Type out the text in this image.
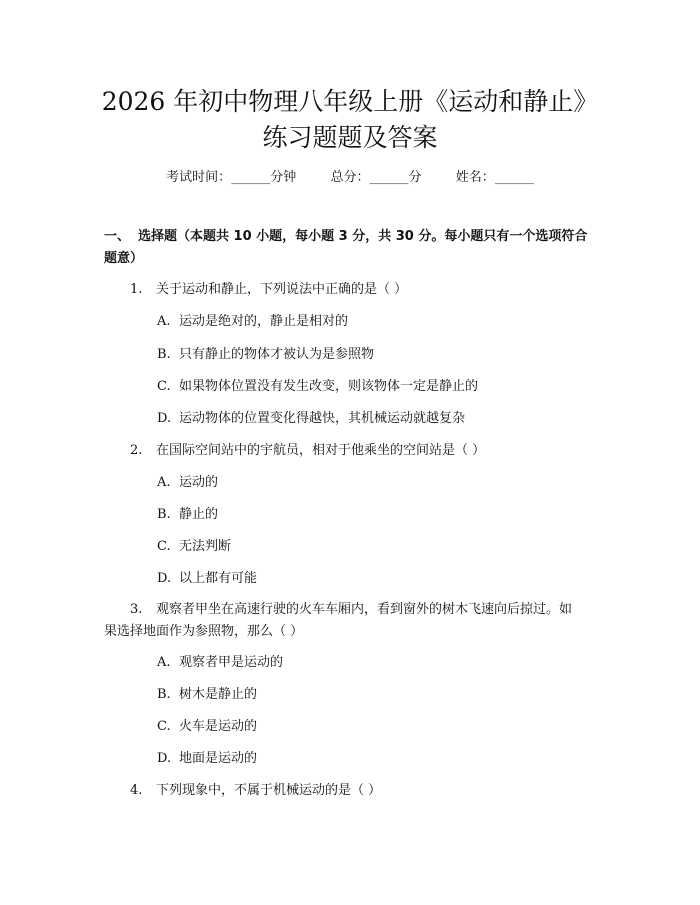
2026 年初中物理八年级上册《运动和静止》
练习题题及答案
考试时间：______分钟	总分：______分	姓名：______
一、 选择题（本题共 10 小题，每小题 3 分，共 30 分。每小题只有一个选项符合
题意）
1. 关于运动和静止，下列说法中正确的是（ ）
A. 运动是绝对的，静止是相对的
B. 只有静止的物体才被认为是参照物
C. 如果物体位置没有发生改变，则该物体一定是静止的
D. 运动物体的位置变化得越快，其机械运动就越复杂
2. 在国际空间站中的宇航员，相对于他乘坐的空间站是（ ）
A. 运动的
B. 静止的
C. 无法判断
D. 以上都有可能
3. 观察者甲坐在高速行驶的火车车厢内，看到窗外的树木飞速向后掠过。如
果选择地面作为参照物，那么（ ）
A. 观察者甲是运动的
B. 树木是静止的
C. 火车是运动的
D. 地面是运动的
4. 下列现象中，不属于机械运动的是（ ）
